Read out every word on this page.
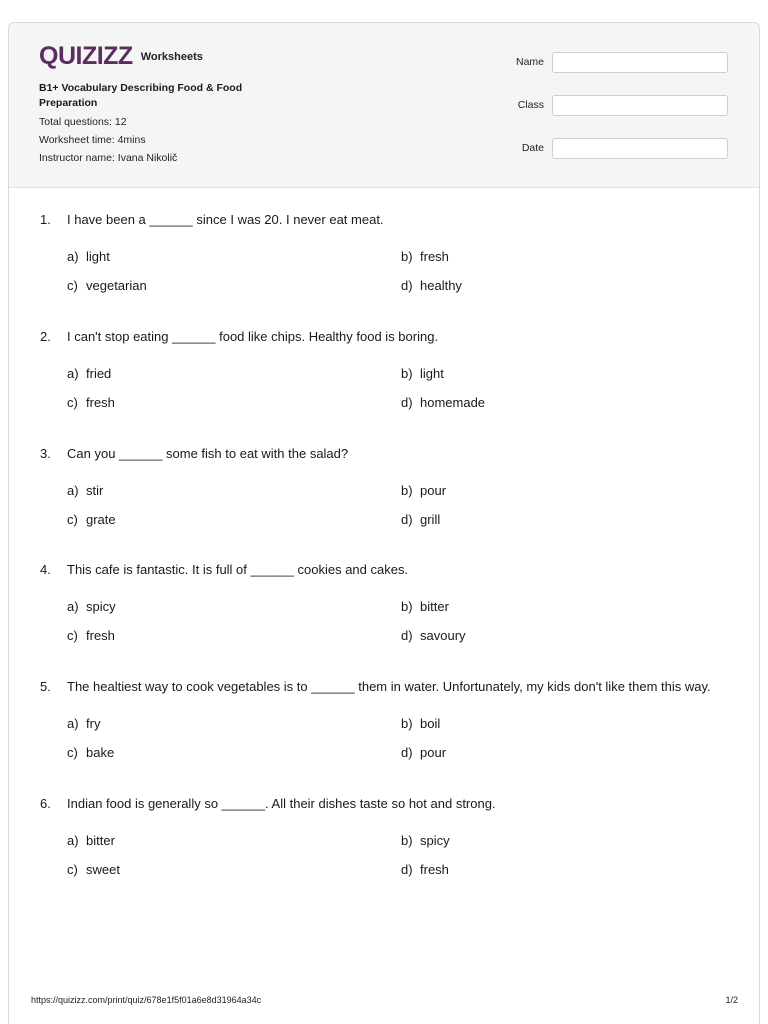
QUIZIZZ Worksheets
B1+ Vocabulary Describing Food & Food Preparation
Total questions: 12
Worksheet time: 4mins
Instructor name: Ivana Nikolič
Name
Class
Date
1. I have been a ______ since I was 20. I never eat meat.
a) light	b) fresh
c) vegetarian	d) healthy
2. I can't stop eating ______ food like chips. Healthy food is boring.
a) fried	b) light
c) fresh	d) homemade
3. Can you ______ some fish to eat with the salad?
a) stir	b) pour
c) grate	d) grill
4. This cafe is fantastic. It is full of ______ cookies and cakes.
a) spicy	b) bitter
c) fresh	d) savoury
5. The healtiest way to cook vegetables is to ______ them in water. Unfortunately, my kids don't like them this way.
a) fry	b) boil
c) bake	d) pour
6. Indian food is generally so ______. All their dishes taste so hot and strong.
a) bitter	b) spicy
c) sweet	d) fresh
https://quizizz.com/print/quiz/678e1f5f01a6e8d31964a34c	1/2
